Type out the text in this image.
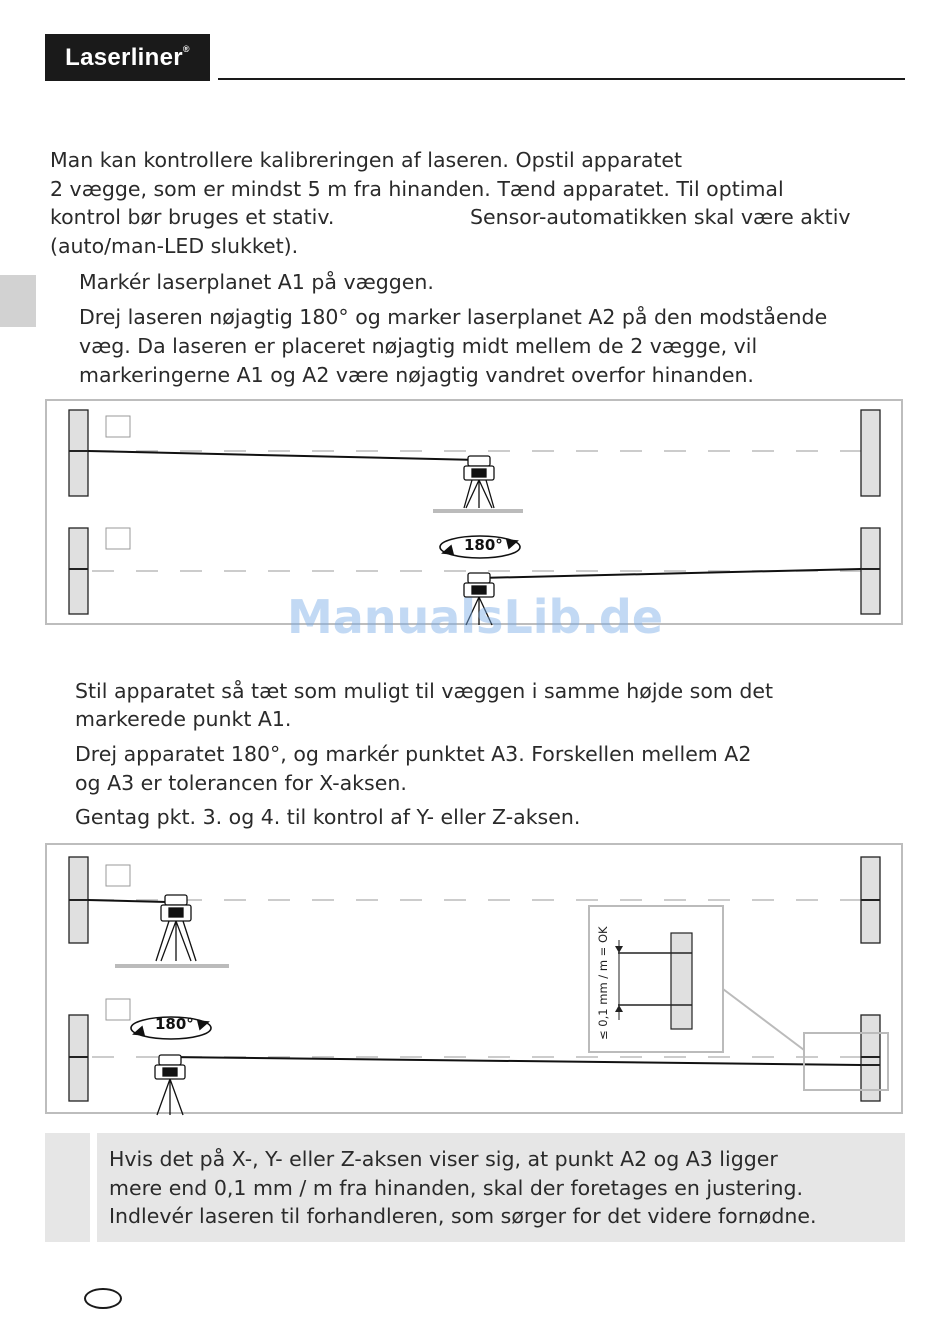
Laserliner®

Man kan kontrollere kalibreringen af laseren. Opstil apparatet

2 vægge, som er mindst 5 m fra hinanden. Tænd apparatet. Til optimal

kontrol bør bruges et stativ.	Sensor-automatikken skal være aktiv

(auto/man-LED slukket).

Markér laserplanet A1 på væggen.

Drej laseren nøjagtig 180° og marker laserplanet A2 på den modstående

væg. Da laseren er placeret nøjagtig midt mellem de 2 vægge, vil

markeringerne A1 og A2 være nøjagtig vandret overfor hinanden.

180°
ManualsLib.de

Stil apparatet så tæt som muligt til væggen i samme højde som det

markerede punkt A1.

Drej apparatet 180°, og markér punktet A3. Forskellen mellem A2

og A3 er tolerancen for X-aksen.

Gentag pkt. 3. og 4. til kontrol af Y- eller Z-aksen.

180°	≤ 0,1 mm / m = OK

Hvis det på X-, Y- eller Z-aksen viser sig, at punkt A2 og A3 ligger

mere end 0,1 mm / m fra hinanden, skal der foretages en justering.

Indlevér laseren til forhandleren, som sørger for det videre fornødne.
